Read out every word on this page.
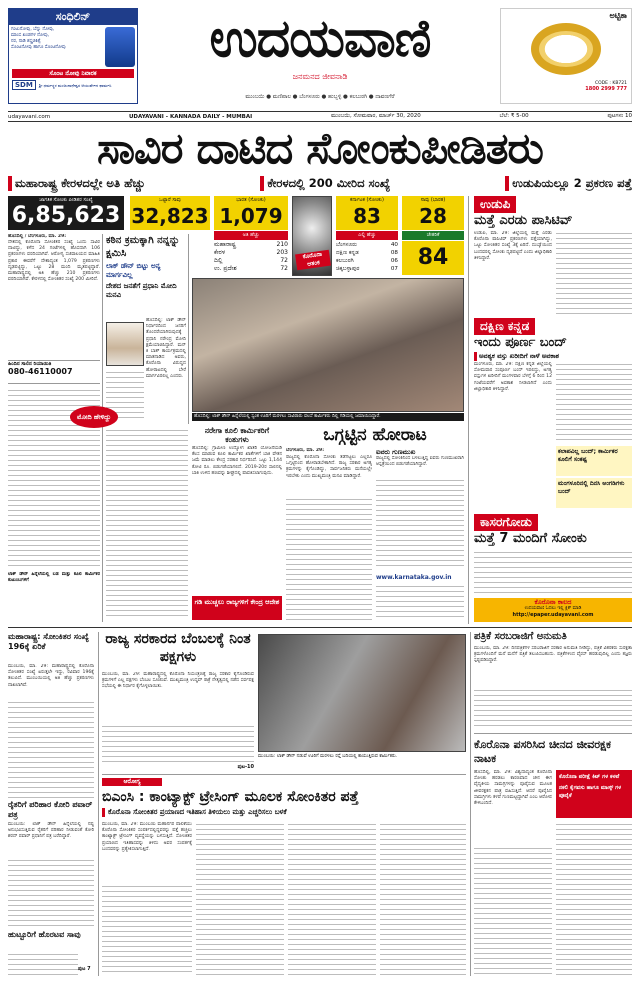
ಸಂಧಿಲಿನ್
ಗಂಟುನೋವು, ಬೆನ್ನು ನೋವು,
ಮಾಂಸ ಖಂಡಗಳ ನೋವು,
ನರ, ನಾಡಿ ಶಸ್ತ್ರಚಿಕಿತ್ಸೆ
ಸೊಂಟನೋವು ಹಾಗೂ ಸೊಂಟನೋವು
ಸೊಂಟ ನೋವು ನಿವಾರಕ
SDM	ಶ್ರೀ ಧರ್ಮಸ್ಥಳ ಮಂಜುನಾಥೇಶ್ವರ ಆಯುರ್ವೇದ ಫಾರ್ಮಸಿ
ಉದಯವಾಣಿ
ಜನಮನದ ಜೀವನಾಡಿ
ಮುಂಬಯಿ ● ಮಣಿಪಾಲ ● ಬೆಂಗಳೂರು ● ಹುಬ್ಬಳ್ಳಿ ● ಕಲಬುರಗಿ ● ದಾವಣಗೆರೆ
ಅಟ್ಟಿಕಾ
CODE : KB721
1800 2999 777
udayavani.com	UDAYAVANI - KANNADA DAILY - MUMBAI	ಮುಂಬಯಿ, ಸೋಮವಾರ, ಮಾರ್ಚ್ 30, 2020	ಬೆಲೆ: ₹ 5-00	ಪುಟಗಳು 10
ಸಾವಿರ ದಾಟಿದ ಸೋಂಕುಪೀಡಿತರು
ಮಹಾರಾಷ್ಟ್ರ ಕೇರಳದಲ್ಲೇ ಅತಿ ಹೆಚ್ಚು	ಕೇರಳದಲ್ಲಿ 200 ಮೀರಿದ ಸಂಖ್ಯೆ	ಉಡುಪಿಯಲ್ಲೂ 2 ಪ್ರಕರಣ ಪತ್ತೆ
ಜಾಗತಿಕ ಸೋಂಕು ಪೀಡಿತರ ಸಂಖ್ಯೆ
6,85,623
ಒಟ್ಟಾರೆ ಸಾವು
32,823
ಭಾರತ (ಸೋಂಕು)
1,079
ಅತಿ ಹೆಚ್ಚು
ಮಹಾರಾಷ್ಟ್ರ	210
ಕೇರಳ	203
ದಿಲ್ಲಿ	72
ಉ. ಪ್ರದೇಶ	72
ಕೊರೊನಾ ಆತಂಕ
ಕರ್ನಾಟಕ (ಸೋಂಕು)
83
ಸಾವು (ಭಾರತ)
28
ಎಲ್ಲಿ ಹೆಚ್ಚು	ಚೇತರಿಕೆ
ಬೆಂಗಳೂರು	40
ದಕ್ಷಿಣ ಕನ್ನಡ	08
ಕಲಬುರಗಿ	06
ಚಿಕ್ಕಬಳ್ಳಾಪುರ	07 84
ಹೊಸದಿಲ್ಲಿ / ಬೆಂಗಳೂರು, ಮಾ. 29:
ದೇಶದಲ್ಲಿ ಕೊರೊನಾ ಸೋಂಕಿತರ ಸಂಖ್ಯೆ ಒಂದು ಸಾವಿರ ದಾಟಿದ್ದು, ಕಳೆದ 24 ಗಂಟೆಗಳಲ್ಲಿ ಹೊಸದಾಗಿ 106 ಪ್ರಕರಣಗಳು ವರದಿಯಾಗಿವೆ. ಆರೋಗ್ಯ ಸಚಿವಾಲಯದ ಮಾಹಿತಿ ಪ್ರಕಾರ ಈವರೆಗೆ ದೇಶಾದ್ಯಂತ 1,079 ಪ್ರಕರಣಗಳು ದೃಢಪಟ್ಟಿದ್ದು, ಒಟ್ಟು 28 ಮಂದಿ ಮೃತಪಟ್ಟಿದ್ದಾರೆ. ಮಹಾರಾಷ್ಟ್ರದಲ್ಲಿ ಅತಿ ಹೆಚ್ಚು 210 ಪ್ರಕರಣಗಳು ವರದಿಯಾಗಿವೆ. ಕೇರಳದಲ್ಲಿ ಸೋಂಕಿತರ ಸಂಖ್ಯೆ 200 ಮೀರಿದೆ.
ಹಿಂದಿನ ಸಾಲಿನ ರಿಯಾಯಿತಿ
080-46110007
ಲಾಕ್ ಡೌನ್ ಹಿನ್ನೆಲೆಯಲ್ಲಿ ಬಡ ಮತ್ತು ಕೂಲಿ ಕಾರ್ಮಿಕರ ಕುಟುಂಬಗಳಿಗೆ
ಕಠಿನ ಕ್ರಮಕ್ಕಾಗಿ ನನ್ನನ್ನು ಕ್ಷಮಿಸಿ
ಲಾಕ್ ಡೌನ್ ಬಿಟ್ಟು ಅನ್ಯ ಮಾರ್ಗವಿಲ್ಲ
ದೇಶದ ಜನತೆಗೆ ಪ್ರಧಾನಿ ಮೋದಿ ಮನವಿ
ಹೊಸದಿಲ್ಲಿ: ಲಾಕ್ ಡೌನ್ ನಿರ್ಧಾರದಿಂದ ಜನರಿಗೆ ತೊಂದರೆಯಾಗಿರುವುದಕ್ಕೆ ಪ್ರಧಾನಿ ನರೇಂದ್ರ ಮೋದಿ ಕ್ಷಮೆಯಾಚಿಸಿದ್ದಾರೆ. ಮನ್ ಕಿ ಬಾತ್ ಕಾರ್ಯಕ್ರಮದಲ್ಲಿ ಮಾತನಾಡಿದ ಅವರು, ಕೊರೊನಾ ವಿರುದ್ಧದ ಹೋರಾಟದಲ್ಲಿ ಬೇರೆ ಮಾರ್ಗವಿರಲಿಲ್ಲ ಎಂದರು.
ಮೋದಿ ಹೇಳಿದ್ದು	ಹೊಸದಿಲ್ಲಿ: ಲಾಕ್ ಡೌನ್ ಹಿನ್ನೆಲೆಯಲ್ಲಿ ಸ್ವಂತ ಊರಿಗೆ ಮರಳಲು ಸಾವಿರಾರು ವಲಸೆ ಕಾರ್ಮಿಕರು ದಿಲ್ಲಿ ಗಡಿಯಲ್ಲಿ ಜಮಾಯಿಸಿದ್ದಾರೆ.
ನರೇಗಾ ಕೂಲಿ ಕಾರ್ಮಿಕರಿಗೆ ಕಂತುಗಳು
ಹೊಸದಿಲ್ಲಿ: ಗ್ರಾಮೀಣ ಉದ್ಯೋಗ ಖಾತರಿ ಯೋಜನೆಯಡಿ ಕೆಲಸ ಮಾಡುವ ಕೂಲಿ ಕಾರ್ಮಿಕರ ಖಾತೆಗಳಿಗೆ ಬಾಕಿ ವೇತನ ಜಮೆ ಮಾಡಲು ಕೇಂದ್ರ ಸರಕಾರ ನಿರ್ಧರಿಸಿದೆ. ಒಟ್ಟು 1,144 ಕೋಟಿ ರೂ. ಬಿಡುಗಡೆಯಾಗಲಿದೆ. 2019-20ರ ಸಾಲಿನಲ್ಲಿ ಬಾಕಿ ಉಳಿದ ಹಣವನ್ನು ಶೀಘ್ರದಲ್ಲಿ ಪಾವತಿಸಲಾಗುವುದು.
ಗಡಿ ಮುಚ್ಚಲು ರಾಜ್ಯಗಳಿಗೆ ಕೇಂದ್ರ ಆದೇಶ
ಒಗ್ಗಟ್ಟಿನ ಹೋರಾಟ
ಬೆಂಗಳೂರು, ಮಾ. 29:
ರಾಜ್ಯದಲ್ಲಿ ಕೊರೊನಾ ಸೋಂಕು ತಡೆಗಟ್ಟಲು ಎಲ್ಲರೂ ಒಗ್ಗಟ್ಟಿನಿಂದ ಹೋರಾಡಬೇಕಾಗಿದೆ. ರಾಜ್ಯ ಸರಕಾರ ಅಗತ್ಯ ಕ್ರಮಗಳನ್ನು ಕೈಗೊಂಡಿದ್ದು, ಸಾರ್ವಜನಿಕರು ಮನೆಯಲ್ಲೇ ಇರಬೇಕು ಎಂದು ಮುಖ್ಯಮಂತ್ರಿ ಮನವಿ ಮಾಡಿದ್ದಾರೆ.
ಐವರು ಗುಣಮುಖ
ರಾಜ್ಯದಲ್ಲಿ ಸೋಂಕಿನಿಂದ ಬಳಲುತ್ತಿದ್ದ ಐವರು ಗುಣಮುಖರಾಗಿ ಆಸ್ಪತ್ರೆಯಿಂದ ಬಿಡುಗಡೆಯಾಗಿದ್ದಾರೆ.
www.karnataka.gov.in
ಉಡುಪಿ
ಮತ್ತೆ ಎರಡು ಪಾಸಿಟಿವ್
ಉಡುಪಿ, ಮಾ. 29: ಜಿಲ್ಲೆಯಲ್ಲಿ ಮತ್ತೆ ಎರಡು ಕೊರೊನಾ ಪಾಸಿಟಿವ್ ಪ್ರಕರಣಗಳು ಪತ್ತೆಯಾಗಿದ್ದು, ಒಟ್ಟು ಸೋಂಕಿತರ ಸಂಖ್ಯೆ 3ಕ್ಕೆ ಏರಿದೆ. ದುಬಾೈಯಿಂದ ಬಂದವರಲ್ಲಿ ಸೋಂಕು ದೃಢಪಟ್ಟಿದೆ ಎಂದು ಜಿಲ್ಲಾಧಿಕಾರಿ ತಿಳಿಸಿದ್ದಾರೆ.
ದಕ್ಷಿಣ ಕನ್ನಡ
ಇಂದು ಪೂರ್ಣ ಬಂದ್
ಅವಶ್ಯಕ ವಸ್ತು ಖರೀದಿಗೆ ನಾಳೆ ಅವಕಾಶ
ಮಂಗಳೂರು, ಮಾ. 29: ದಕ್ಷಿಣ ಕನ್ನಡ ಜಿಲ್ಲೆಯಲ್ಲಿ ಸೋಮವಾರ ಸಂಪೂರ್ಣ ಬಂದ್ ಇರಲಿದ್ದು, ಅಗತ್ಯ ವಸ್ತುಗಳ ಖರೀದಿಗೆ ಮಂಗಳವಾರ ಬೆಳಗ್ಗೆ 6 ರಿಂದ 12 ಗಂಟೆಯವರೆಗೆ ಅವಕಾಶ ನೀಡಲಾಗಿದೆ ಎಂದು ಜಿಲ್ಲಾಧಿಕಾರಿ ತಿಳಿಸಿದ್ದಾರೆ.
ಕಲಾಪವಿಲ್ಲ ಬಂದ್; ಕಾರ್ಮಿಕರ ಕೂಲಿಗೆ ಸಂಕಷ್ಟ
ಮಂಗಳೂರಿನಲ್ಲಿ ದಿನಸಿ ಅಂಗಡಿಗಳು ಬಂದ್
ಕಾಸರಗೋಡು
ಮತ್ತೆ 7 ಮಂದಿಗೆ ಸೋಂಕು
ಕೊರೊನಾ ಕಾಲದ
ಉದಯವಾಣಿ ಓದಲು ಇಲ್ಲಿ ಕ್ಲಿಕ್ ಮಾಡಿ
http://epaper.udayavani.com
ಮಹಾರಾಷ್ಟ್ರ: ಸೋಂಕಿತರ ಸಂಖ್ಯೆ 196ಕ್ಕೆ ಏರಿಕೆ
ಮುಂಬಯಿ, ಮಾ. 29: ಮಹಾರಾಷ್ಟ್ರದಲ್ಲಿ ಕೊರೊನಾ ಸೋಂಕಿತರ ಸಂಖ್ಯೆ ಏರುತ್ತಲೇ ಇದ್ದು, ರವಿವಾರ 196ಕ್ಕೆ ತಲುಪಿದೆ. ಮುಂಬಯಿಯಲ್ಲಿ ಅತಿ ಹೆಚ್ಚು ಪ್ರಕರಣಗಳು ದಾಖಲಾಗಿವೆ.
ರೈತರಿಗೆ ಪರಿಹಾರ ಕೋರಿ ಪವಾರ್ ಪತ್ರ
ಮುಂಬಯಿ: ಲಾಕ್ ಡೌನ್ ಹಿನ್ನೆಲೆಯಲ್ಲಿ ನಷ್ಟ ಅನುಭವಿಸುತ್ತಿರುವ ರೈತರಿಗೆ ಪರಿಹಾರ ನೀಡುವಂತೆ ಕೋರಿ ಶರದ್ ಪವಾರ್ ಪ್ರಧಾನಿಗೆ ಪತ್ರ ಬರೆದಿದ್ದಾರೆ.
ಹುಟ್ಟೂರಿಗೆ ಹೊರಟವ ಸಾವು
ಪುಟ 7
ರಾಜ್ಯ ಸರಕಾರದ ಬೆಂಬಲಕ್ಕೆ ನಿಂತ ಪಕ್ಷಗಳು
ಮುಂಬಯಿ, ಮಾ. 29: ಮಹಾರಾಷ್ಟ್ರದಲ್ಲಿ ಕೊರೊನಾ ನಿಯಂತ್ರಣಕ್ಕೆ ರಾಜ್ಯ ಸರಕಾರ ಕೈಗೊಂಡಿರುವ ಕ್ರಮಗಳಿಗೆ ಎಲ್ಲ ಪಕ್ಷಗಳು ಬೆಂಬಲ ಸೂಚಿಸಿವೆ. ಮುಖ್ಯಮಂತ್ರಿ ಉದ್ಧವ್ ಠಾಕ್ರೆ ನೇತೃತ್ವದಲ್ಲಿ ನಡೆದ ಸರ್ವಪಕ್ಷ ಸಭೆಯಲ್ಲಿ ಈ ನಿರ್ಧಾರ ಕೈಗೊಳ್ಳಲಾಯಿತು.
ಪುಟ-10
ಮುಂಬಯಿ: ಲಾಕ್ ಡೌನ್ ನಡುವೆ ಊರಿಗೆ ಮರಳಲು ರಸ್ತೆ ಬದಿಯಲ್ಲಿ ಕಾಯುತ್ತಿರುವ ಕಾರ್ಮಿಕರು.
ಆರೋಗ್ಯ
ಬಿಎಂಸಿ : ಕಾಂಟ್ಯಾಕ್ಟ್ ಟ್ರೇಸಿಂಗ್ ಮೂಲಕ ಸೋಂಕಿತರ ಪತ್ತೆ
ಕೊರೊನಾ ಸೋಂಕಿತರ ಪ್ರಯಾಣದ ಇತಿಹಾಸ ತಿಳಿಯಲು ಮತ್ತು ಎಚ್ಚರಿಸಲು ಬಳಕೆ
ಮುಂಬಯಿ, ಮಾ. 29: ಮುಂಬಯಿ ಮಹಾನಗರ ಪಾಲಿಕೆಯು ಕೊರೊನಾ ಸೋಂಕಿತರ ಸಂಪರ್ಕದಲ್ಲಿದ್ದವರನ್ನು ಪತ್ತೆ ಹಚ್ಚಲು ಕಾಂಟ್ಯಾಕ್ಟ್ ಟ್ರೇಸಿಂಗ್ ವ್ಯವಸ್ಥೆಯನ್ನು ಬಳಸುತ್ತಿದೆ. ಸೋಂಕಿತರ ಪ್ರಯಾಣದ ಇತಿಹಾಸವನ್ನು ತಿಳಿದು ಅವರ ಸಂಪರ್ಕಕ್ಕೆ ಬಂದವರನ್ನು ಪ್ರತ್ಯೇಕಿಸಲಾಗುತ್ತಿದೆ.
ಪತ್ರಿಕೆ ಸರಬರಾಜಿಗೆ ಅನುಮತಿ
ಮುಂಬಯಿ, ಮಾ. 29: ದಿನಪತ್ರಿಕೆಗಳ ಸರಬರಾಜಿಗೆ ಸರಕಾರ ಅನುಮತಿ ನೀಡಿದ್ದು, ಪತ್ರಿಕೆ ವಿತರಕರು ಸುರಕ್ಷತಾ ಕ್ರಮಗಳೊಂದಿಗೆ ಮನೆ ಮನೆಗೆ ಪತ್ರಿಕೆ ತಲುಪಿಸಬಹುದು. ಪತ್ರಿಕೆಗಳಿಂದ ವೈರಸ್ ಹರಡುವುದಿಲ್ಲ ಎಂದು ತಜ್ಞರು ಸ್ಪಷ್ಟಪಡಿಸಿದ್ದಾರೆ.
ಕೊರೊನಾ ಪಸರಿಸಿದ ಚೀನದ ಜೀವರಕ್ಷಕ ನಾಟಕ
ಹೊಸದಿಲ್ಲಿ, ಮಾ. 29: ವಿಶ್ವದಾದ್ಯಂತ ಕೊರೊನಾ ಸೋಂಕು ಹರಡಲು ಕಾರಣವಾದ ಚೀನ ಈಗ ವೈದ್ಯಕೀಯ ಸಾಮಗ್ರಿಗಳನ್ನು ಪೂರೈಸುವ ಮೂಲಕ ಜೀವರಕ್ಷಕನ ಪಾತ್ರ ವಹಿಸುತ್ತಿದೆ. ಆದರೆ ಪೂರೈಸಿದ ಸಾಮಗ್ರಿಗಳು ಕಳಪೆ ಗುಣಮಟ್ಟದ್ದಾಗಿವೆ ಎಂಬ ಆರೋಪ ಕೇಳಿಬಂದಿದೆ.
ಕೊರೊನಾ ಪರೀಕ್ಷೆ ಕಿಟ್ ಗಳ ಕಳಪೆ
ನಕಲಿ ಕೈಗವಸು ಹಾಗೂ ಮಾಸ್ಕ್ ಗಳ ಪೂರೈಕೆ
